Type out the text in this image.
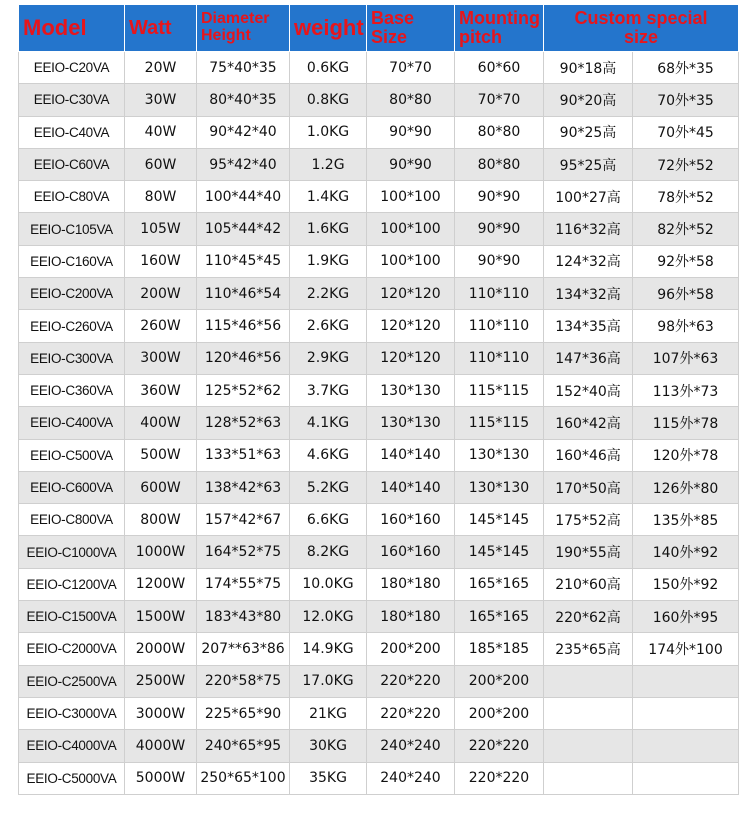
Model	Watt	Diameter Height	weight	Base Size	Mounting pitch	Custom special size	
EEIO-C20VA	20W	75*40*35	0.6KG	70*70	60*60	90*18高	68外*35
EEIO-C30VA	30W	80*40*35	0.8KG	80*80	70*70	90*20高	70外*35
EEIO-C40VA	40W	90*42*40	1.0KG	90*90	80*80	90*25高	70外*45
EEIO-C60VA	60W	95*42*40	1.2G	90*90	80*80	95*25高	72外*52
EEIO-C80VA	80W	100*44*40	1.4KG	100*100	90*90	100*27高	78外*52
EEIO-C105VA	105W	105*44*42	1.6KG	100*100	90*90	116*32高	82外*52
EEIO-C160VA	160W	110*45*45	1.9KG	100*100	90*90	124*32高	92外*58
EEIO-C200VA	200W	110*46*54	2.2KG	120*120	110*110	134*32高	96外*58
EEIO-C260VA	260W	115*46*56	2.6KG	120*120	110*110	134*35高	98外*63
EEIO-C300VA	300W	120*46*56	2.9KG	120*120	110*110	147*36高	107外*63
EEIO-C360VA	360W	125*52*62	3.7KG	130*130	115*115	152*40高	113外*73
EEIO-C400VA	400W	128*52*63	4.1KG	130*130	115*115	160*42高	115外*78
EEIO-C500VA	500W	133*51*63	4.6KG	140*140	130*130	160*46高	120外*78
EEIO-C600VA	600W	138*42*63	5.2KG	140*140	130*130	170*50高	126外*80
EEIO-C800VA	800W	157*42*67	6.6KG	160*160	145*145	175*52高	135外*85
EEIO-C1000VA	1000W	164*52*75	8.2KG	160*160	145*145	190*55高	140外*92
EEIO-C1200VA	1200W	174*55*75	10.0KG	180*180	165*165	210*60高	150外*92
EEIO-C1500VA	1500W	183*43*80	12.0KG	180*180	165*165	220*62高	160外*95
EEIO-C2000VA	2000W	207**63*86	14.9KG	200*200	185*185	235*65高	174外*100
EEIO-C2500VA	2500W	220*58*75	17.0KG	220*220	200*200		
EEIO-C3000VA	3000W	225*65*90	21KG	220*220	200*200		
EEIO-C4000VA	4000W	240*65*95	30KG	240*240	220*220		
EEIO-C5000VA	5000W	250*65*100	35KG	240*240	220*220		
